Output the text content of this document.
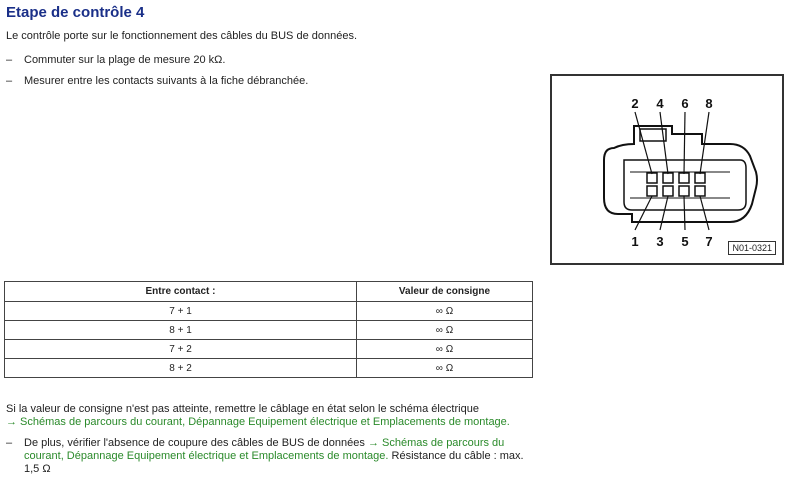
Etape de contrôle 4
Le contrôle porte sur le fonctionnement des câbles du BUS de données.
–	Commuter sur la plage de mesure 20 kΩ.
–	Mesurer entre les contacts suivants à la fiche débranchée.
2 4 6 8
1 3 5 7	N01-0321
Entre contact :	Valeur de consigne
7 + 1	∞ Ω
8 + 1	∞ Ω
7 + 2	∞ Ω
8 + 2	∞ Ω
Si la valeur de consigne n'est pas atteinte, remettre le câblage en état selon le schéma électrique
→ Schémas de parcours du courant, Dépannage Equipement électrique et Emplacements de montage.
–	De plus, vérifier l'absence de coupure des câbles de BUS de données → Schémas de parcours du courant, Dépannage Equipement électrique et Emplacements de montage. Résistance du câble : max. 1,5 Ω
